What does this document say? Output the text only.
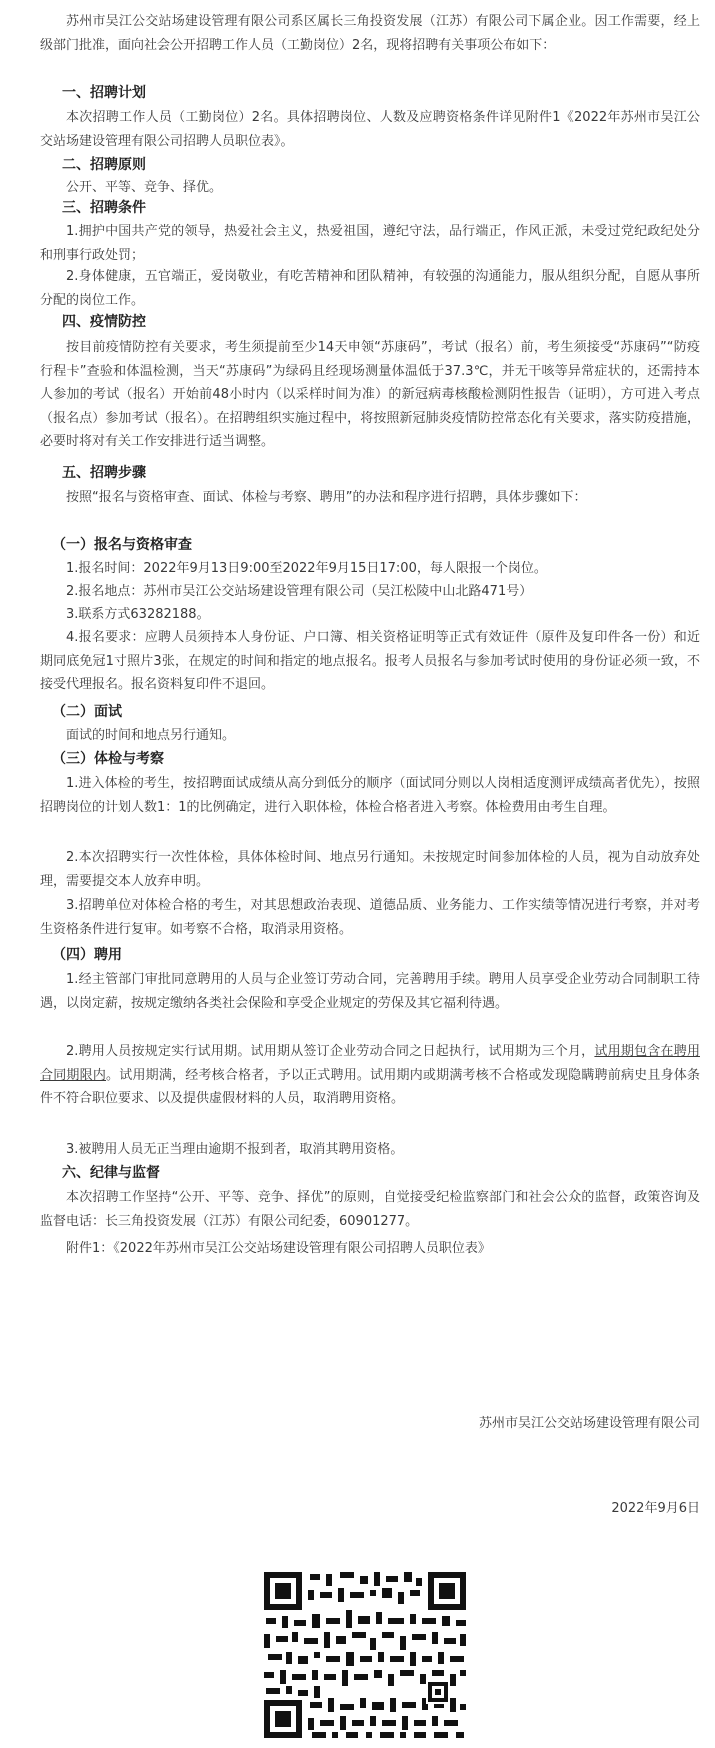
苏州市吴江公交站场建设管理有限公司系区属长三角投资发展（江苏）有限公司下属企业。因工作需要，经上级部门批准，面向社会公开招聘工作人员（工勤岗位）2名，现将招聘有关事项公布如下：
一、招聘计划
本次招聘工作人员（工勤岗位）2名。具体招聘岗位、人数及应聘资格条件详见附件1《2022年苏州市吴江公交站场建设管理有限公司招聘人员职位表》。
二、招聘原则
公开、平等、竞争、择优。
三、招聘条件
1.拥护中国共产党的领导，热爱社会主义，热爱祖国，遵纪守法，品行端正，作风正派，未受过党纪政纪处分和刑事行政处罚；
2.身体健康，五官端正，爱岗敬业，有吃苦精神和团队精神，有较强的沟通能力，服从组织分配，自愿从事所分配的岗位工作。
四、疫情防控
按目前疫情防控有关要求，考生须提前至少14天申领“苏康码”，考试（报名）前，考生须接受“苏康码”“防疫行程卡”查验和体温检测，当天“苏康码”为绿码且经现场测量体温低于37.3℃，并无干咳等异常症状的，还需持本人参加的考试（报名）开始前48小时内（以采样时间为准）的新冠病毒核酸检测阴性报告（证明），方可进入考点（报名点）参加考试（报名）。在招聘组织实施过程中，将按照新冠肺炎疫情防控常态化有关要求，落实防疫措施，必要时将对有关工作安排进行适当调整。
五、招聘步骤
按照“报名与资格审查、面试、体检与考察、聘用”的办法和程序进行招聘，具体步骤如下：
（一）报名与资格审查
1.报名时间：2022年9月13日9:00至2022年9月15日17:00，每人限报一个岗位。
2.报名地点：苏州市吴江公交站场建设管理有限公司（吴江松陵中山北路471号）
3.联系方式63282188。
4.报名要求：应聘人员须持本人身份证、户口簿、相关资格证明等正式有效证件（原件及复印件各一份）和近期同底免冠1寸照片3张，在规定的时间和指定的地点报名。报考人员报名与参加考试时使用的身份证必须一致，不接受代理报名。报名资料复印件不退回。
（二）面试
面试的时间和地点另行通知。
（三）体检与考察
1.进入体检的考生，按招聘面试成绩从高分到低分的顺序（面试同分则以人岗相适度测评成绩高者优先），按照招聘岗位的计划人数1：1的比例确定，进行入职体检，体检合格者进入考察。体检费用由考生自理。
2.本次招聘实行一次性体检，具体体检时间、地点另行通知。未按规定时间参加体检的人员，视为自动放弃处理，需要提交本人放弃申明。
3.招聘单位对体检合格的考生，对其思想政治表现、道德品质、业务能力、工作实绩等情况进行考察，并对考生资格条件进行复审。如考察不合格，取消录用资格。
（四）聘用
1.经主管部门审批同意聘用的人员与企业签订劳动合同，完善聘用手续。聘用人员享受企业劳动合同制职工待遇，以岗定薪，按规定缴纳各类社会保险和享受企业规定的劳保及其它福利待遇。
2.聘用人员按规定实行试用期。试用期从签订企业劳动合同之日起执行，试用期为三个月，试用期包含在聘用合同期限内。试用期满，经考核合格者，予以正式聘用。试用期内或期满考核不合格或发现隐瞒聘前病史且身体条件不符合职位要求、以及提供虚假材料的人员，取消聘用资格。
3.被聘用人员无正当理由逾期不报到者，取消其聘用资格。
六、纪律与监督
本次招聘工作坚持“公开、平等、竞争、择优”的原则，自觉接受纪检监察部门和社会公众的监督，政策咨询及监督电话：长三角投资发展（江苏）有限公司纪委，60901277。
附件1：《2022年苏州市吴江公交站场建设管理有限公司招聘人员职位表》
苏州市吴江公交站场建设管理有限公司
2022年9月6日
